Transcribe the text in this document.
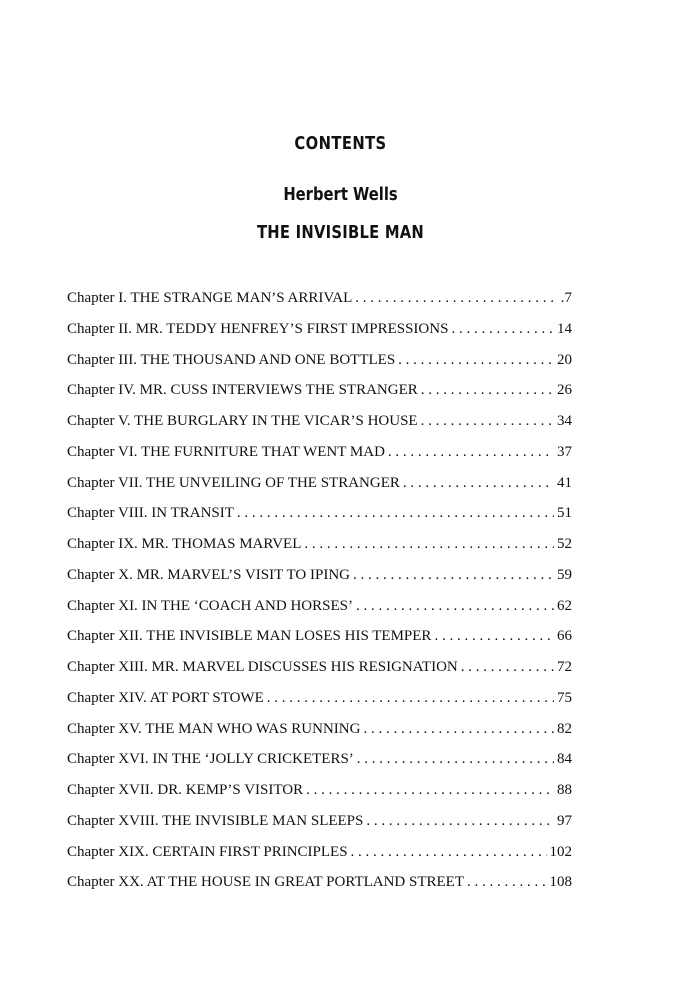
CONTENTS
Herbert Wells
THE INVISIBLE MAN
Chapter I. THE STRANGE MAN’S ARRIVAL . . .	.7
Chapter II. MR. TEDDY HENFREY’S FIRST IMPRESSIONS . . .	14
Chapter III. THE THOUSAND AND ONE BOTTLES . . .	20
Chapter IV. MR. CUSS INTERVIEWS THE STRANGER . . .	26
Chapter V. THE BURGLARY IN THE VICAR’S HOUSE . . .	34
Chapter VI. THE FURNITURE THAT WENT MAD . . .	37
Chapter VII. THE UNVEILING OF THE STRANGER . . .	41
Chapter VIII. IN TRANSIT . . .	51
Chapter IX. MR. THOMAS MARVEL . . .	52
Chapter X. MR. MARVEL’S VISIT TO IPING . . .	59
Chapter XI. IN THE ‘COACH AND HORSES’ . . .	62
Chapter XII. THE INVISIBLE MAN LOSES HIS TEMPER . . .	66
Chapter XIII. MR. MARVEL DISCUSSES HIS RESIGNATION . . .	72
Chapter XIV. AT PORT STOWE . . .	75
Chapter XV. THE MAN WHO WAS RUNNING . . .	82
Chapter XVI. IN THE ‘JOLLY CRICKETERS’ . . .	84
Chapter XVII. DR. KEMP’S VISITOR . . .	88
Chapter XVIII. THE INVISIBLE MAN SLEEPS . . .	97
Chapter XIX. CERTAIN FIRST PRINCIPLES . . .	102
Chapter XX. AT THE HOUSE IN GREAT PORTLAND STREET . . .	108
